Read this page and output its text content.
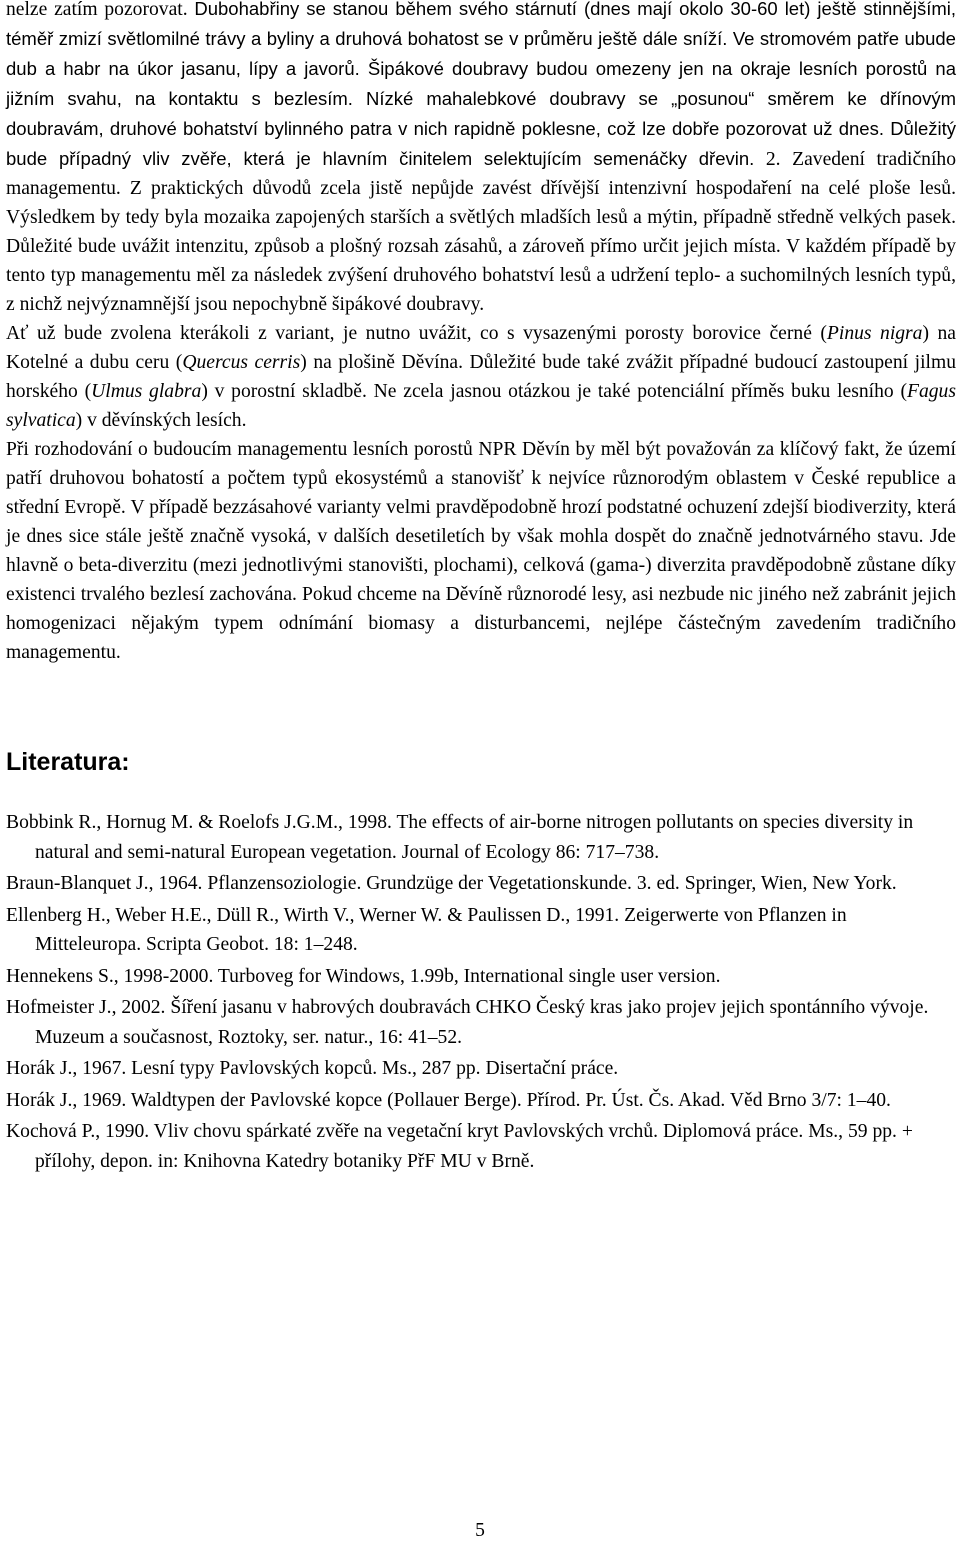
nelze zatím pozorovat. Dubohabřiny se stanou během svého stárnutí (dnes mají okolo 30-60 let) ještě stinnějšími, téměř zmizí světlomilné trávy a byliny a druhová bohatost se v průměru ještě dále sníží. Ve stromovém patře ubude dub a habr na úkor jasanu, lípy a javorů. Šipákové doubravy budou omezeny jen na okraje lesních porostů na jižním svahu, na kontaktu s bezlesím. Nízké mahalebkové doubravy se „posunou“ směrem ke dřínovým doubravám, druhové bohatství bylinného patra v nich rapidně poklesne, což lze dobře pozorovat už dnes. Důležitý bude případný vliv zvěře, která je hlavním činitelem selektujícím semenáčky dřevin. 2. Zavedení tradičního managementu. Z praktických důvodů zcela jistě nepůjde zavést dřívější intenzivní hospodaření na celé ploše lesů. Výsledkem by tedy byla mozaika zapojených starších a světlých mladších lesů a mýtin, případně středně velkých pasek. Důležité bude uvážit intenzitu, způsob a plošný rozsah zásahů, a zároveň přímo určit jejich místa. V každém případě by tento typ managementu měl za následek zvýšení druhového bohatství lesů a udržení teplo- a suchomilných lesních typů, z nichž nejvýznamnější jsou nepochybně šipákové doubravy.

Ať už bude zvolena kterákoli z variant, je nutno uvážit, co s vysazenými porosty borovice černé (Pinus nigra) na Kotelné a dubu ceru (Quercus cerris) na plošině Děvína. Důležité bude také zvážit případné budoucí zastoupení jilmu horského (Ulmus glabra) v porostní skladbě. Ne zcela jasnou otázkou je také potenciální příměs buku lesního (Fagus sylvatica) v děvínských lesích.

Při rozhodování o budoucím managementu lesních porostů NPR Děvín by měl být považován za klíčový fakt, že území patří druhovou bohatostí a počtem typů ekosystémů a stanovišť k nejvíce různorodým oblastem v České republice a střední Evropě. V případě bezzásahové varianty velmi pravděpodobně hrozí podstatné ochuzení zdejší biodiverzity, která je dnes sice stále ještě značně vysoká, v dalších desetiletích by však mohla dospět do značně jednotvárného stavu. Jde hlavně o beta-diverzitu (mezi jednotlivými stanovišti, plochami), celková (gama-) diverzita pravděpodobně zůstane díky existenci trvalého bezlesí zachována. Pokud chceme na Děvíně různorodé lesy, asi nezbude nic jiného než zabránit jejich homogenizaci nějakým typem odnímání biomasy a disturbancemi, nejlépe částečným zavedením tradičního managementu.

Literatura:

Bobbink R., Hornug M. & Roelofs J.G.M., 1998. The effects of air-borne nitrogen pollutants on species diversity in natural and semi-natural European vegetation. Journal of Ecology 86: 717–738.

Braun-Blanquet J., 1964. Pflanzensoziologie. Grundzüge der Vegetationskunde. 3. ed. Springer, Wien, New York.

Ellenberg H., Weber H.E., Düll R., Wirth V., Werner W. & Paulissen D., 1991. Zeigerwerte von Pflanzen in Mitteleuropa. Scripta Geobot. 18: 1–248.

Hennekens S., 1998-2000. Turboveg for Windows, 1.99b, International single user version.

Hofmeister J., 2002. Šíření jasanu v habrových doubravách CHKO Český kras jako projev jejich spontánního vývoje. Muzeum a současnost, Roztoky, ser. natur., 16: 41–52.

Horák J., 1967. Lesní typy Pavlovských kopců. Ms., 287 pp. Disertační práce.

Horák J., 1969. Waldtypen der Pavlovské kopce (Pollauer Berge). Přírod. Pr. Úst. Čs. Akad. Věd Brno 3/7: 1–40.

Kochová P., 1990. Vliv chovu spárkaté zvěře na vegetační kryt Pavlovských vrchů. Diplomová práce. Ms., 59 pp. + přílohy, depon. in: Knihovna Katedry botaniky PřF MU v Brně.

5
